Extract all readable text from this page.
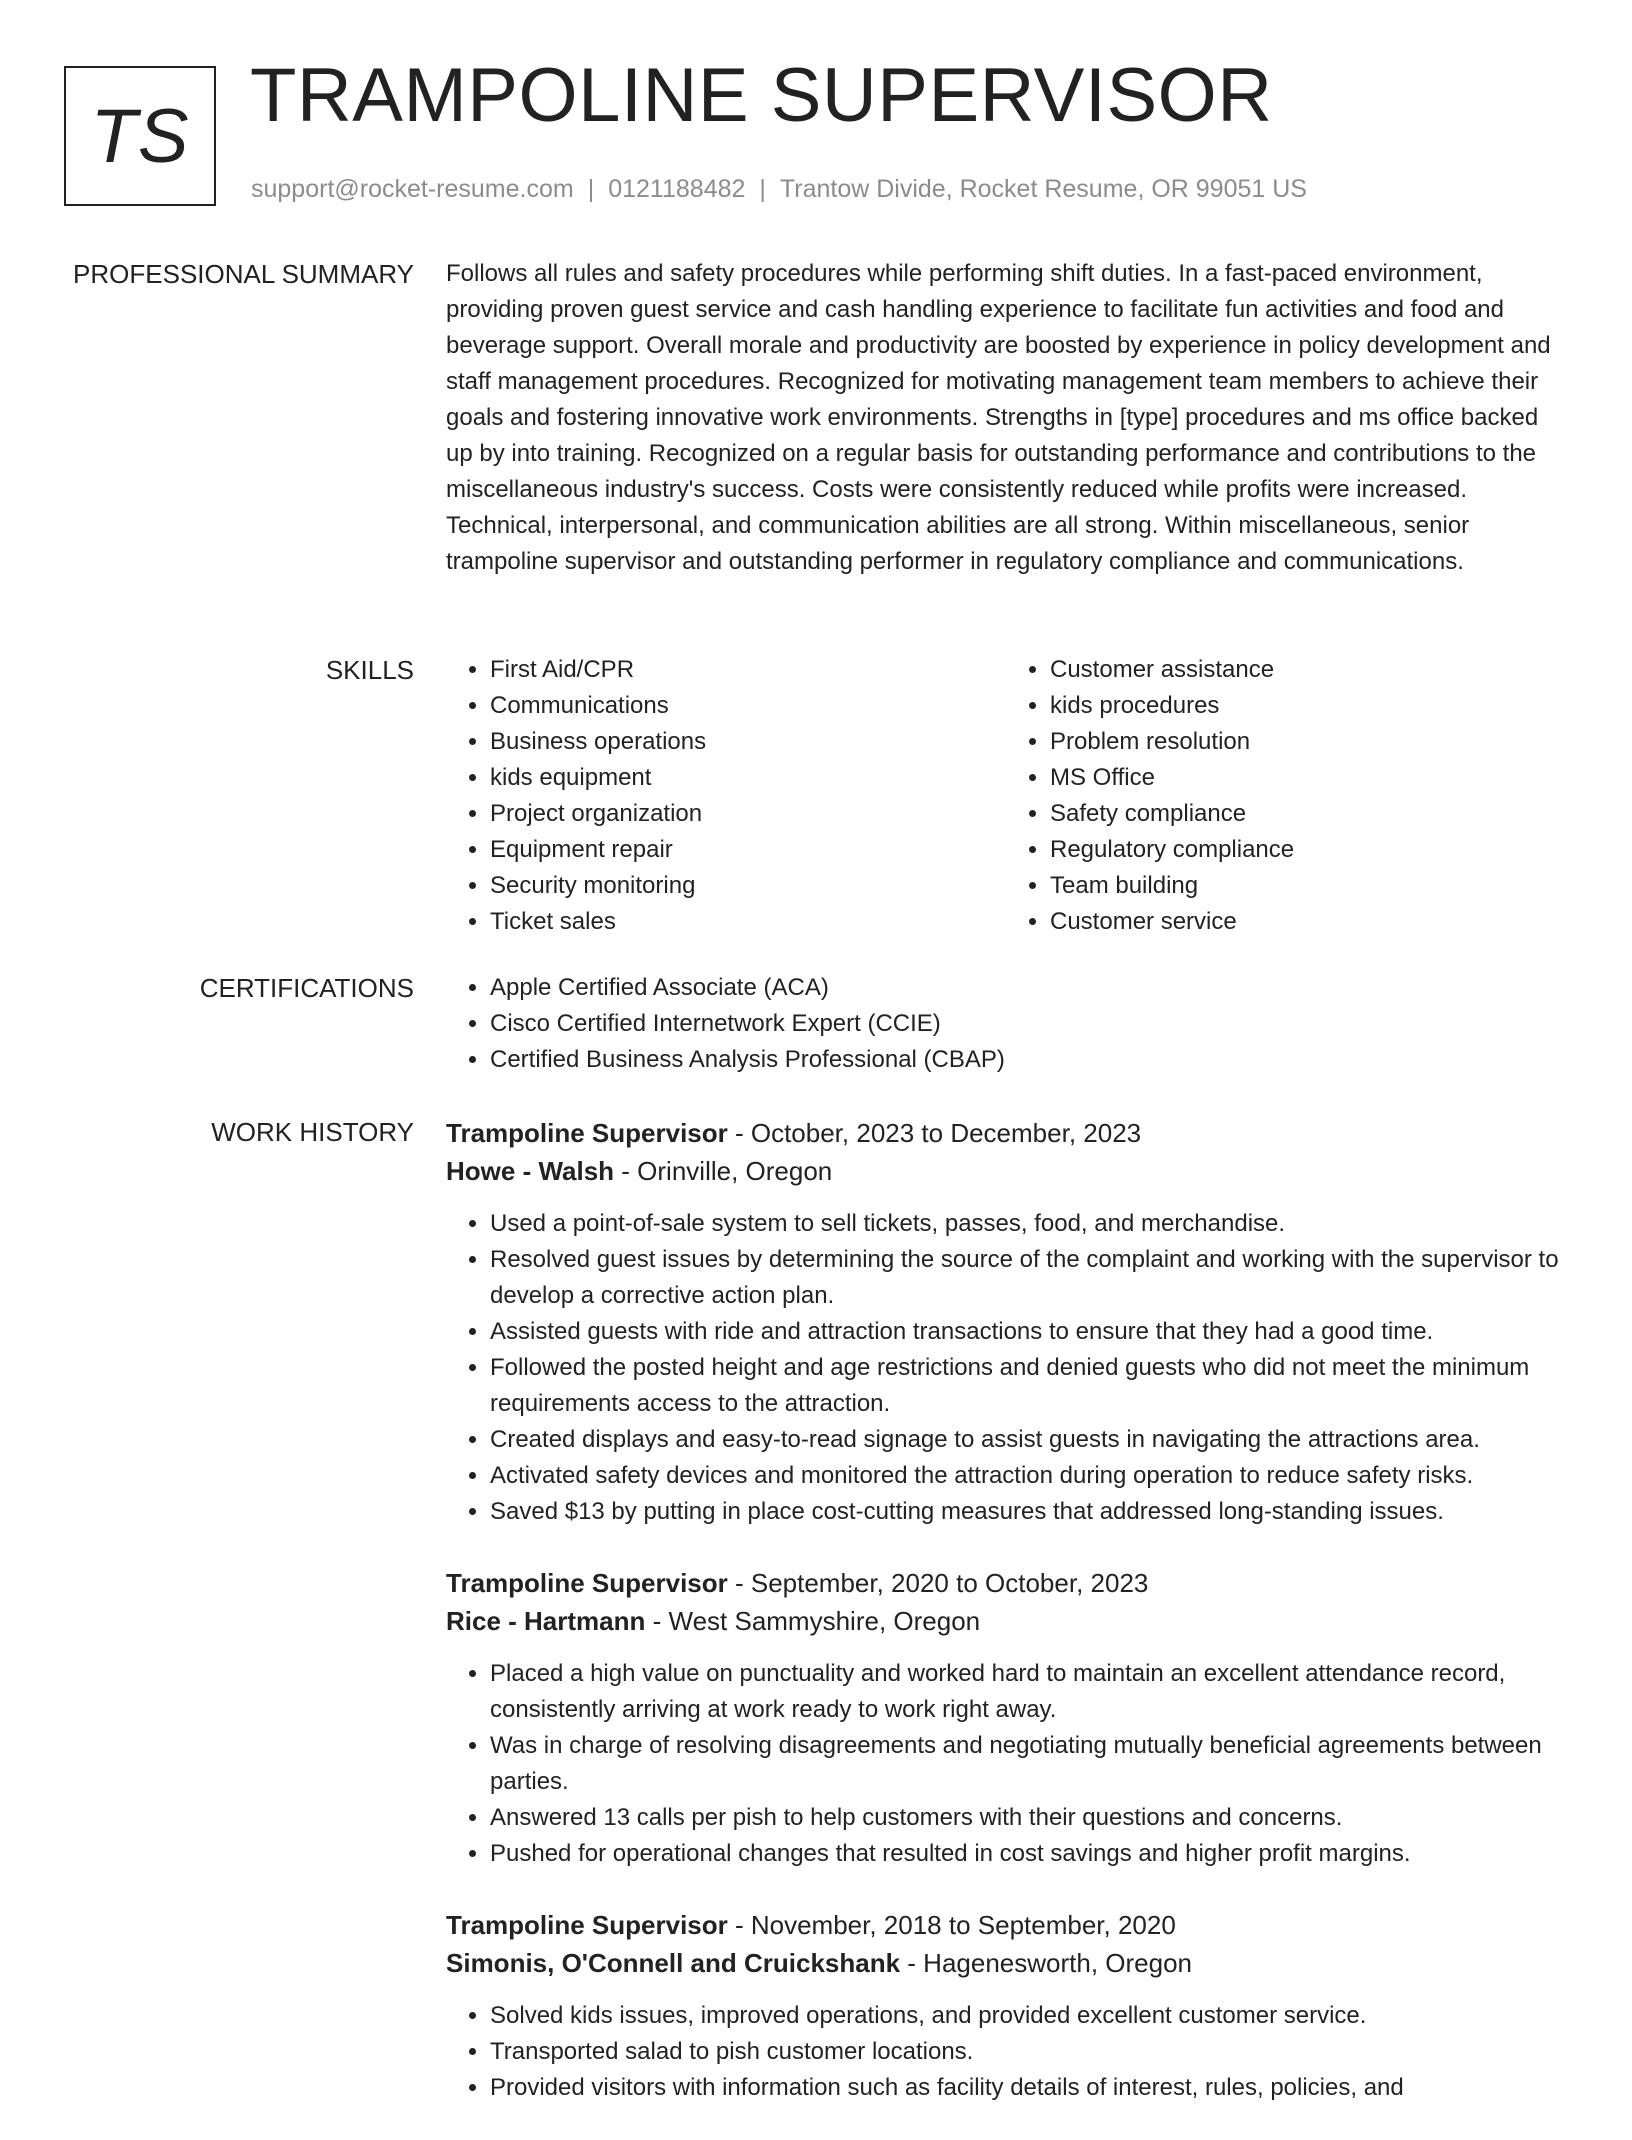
TS TRAMPOLINE SUPERVISOR
support@rocket-resume.com | 0121188482 | Trantow Divide, Rocket Resume, OR 99051 US
PROFESSIONAL SUMMARY Follows all rules and safety procedures while performing shift duties. In a fast-paced environment, providing proven guest service and cash handling experience to facilitate fun activities and food and beverage support. Overall morale and productivity are boosted by experience in policy development and staff management procedures. Recognized for motivating management team members to achieve their goals and fostering innovative work environments. Strengths in [type] procedures and ms office backed up by into training. Recognized on a regular basis for outstanding performance and contributions to the miscellaneous industry's success. Costs were consistently reduced while profits were increased. Technical, interpersonal, and communication abilities are all strong. Within miscellaneous, senior trampoline supervisor and outstanding performer in regulatory compliance and communications.

SKILLS	• First Aid/CPR
• Communications
• Business operations
• kids equipment
• Project organization
• Equipment repair
• Security monitoring
• Ticket sales
• Customer assistance
• kids procedures
• Problem resolution
• MS Office
• Safety compliance
• Regulatory compliance
• Team building
• Customer service
CERTIFICATIONS	• Apple Certified Associate (ACA)
• Cisco Certified Internetwork Expert (CCIE)
• Certified Business Analysis Professional (CBAP)
WORK HISTORY Trampoline Supervisor - October, 2023 to December, 2023
Howe - Walsh - Orinville, Oregon
• Used a point-of-sale system to sell tickets, passes, food, and merchandise.
• Resolved guest issues by determining the source of the complaint and working with the supervisor to develop a corrective action plan.
• Assisted guests with ride and attraction transactions to ensure that they had a good time.
• Followed the posted height and age restrictions and denied guests who did not meet the minimum requirements access to the attraction.
• Created displays and easy-to-read signage to assist guests in navigating the attractions area.
• Activated safety devices and monitored the attraction during operation to reduce safety risks.
• Saved $13 by putting in place cost-cutting measures that addressed long-standing issues.
Trampoline Supervisor - September, 2020 to October, 2023
Rice - Hartmann - West Sammyshire, Oregon
• Placed a high value on punctuality and worked hard to maintain an excellent attendance record, consistently arriving at work ready to work right away.
• Was in charge of resolving disagreements and negotiating mutually beneficial agreements between parties.
• Answered 13 calls per pish to help customers with their questions and concerns.
• Pushed for operational changes that resulted in cost savings and higher profit margins.
Trampoline Supervisor - November, 2018 to September, 2020
Simonis, O'Connell and Cruickshank - Hagenesworth, Oregon
• Solved kids issues, improved operations, and provided excellent customer service.
• Transported salad to pish customer locations.
• Provided visitors with information such as facility details of interest, rules, policies, and
